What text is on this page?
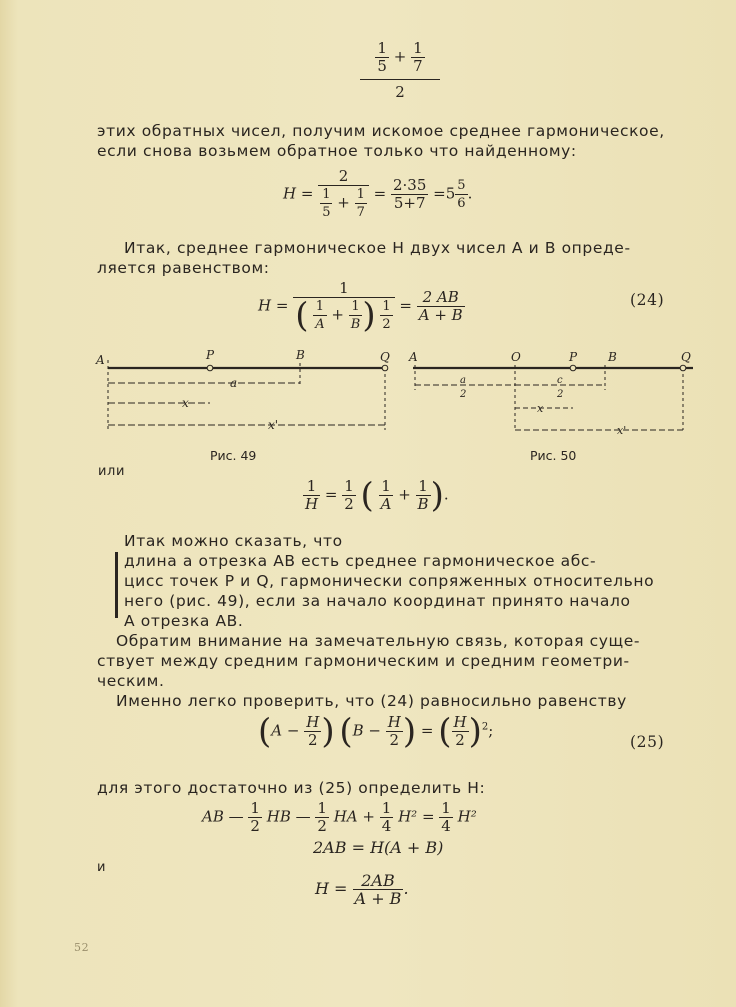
$\frac{1}{5} + \frac{1}{7}$
2
этих обратных чисел, получим искомое среднее гармоническое,
если снова возьмем обратное только что найденному:
$H = \frac{2}{\frac{1}{5} + \frac{1}{7}} = \frac{2\cdot 35}{5+7} =5 \frac{5}{6}$ .
Итак, среднее гармоническое H двух чисел A и B опреде-
ляется равенством:
$H = \frac{1}{( \frac{1}{A} + \frac{1}{B} ) \frac{1}{2}} = \frac{2 AB}{A + B}$	(24)
A	P	B	Q
a
x
x'
Рис. 49
A	O	P	B	Q
a
2
c
2
x
x'
Рис. 50
или
$\frac{1}{H} = \frac{1}{2}$ ( $\frac{1}{A} + \frac{1}{B}$ ).
Итак можно сказать, что
длина a отрезка AB есть среднее гармоническое абс-
цисс точек P и Q, гармонически сопряженных относительно
него (рис. 49), если за начало координат принято начало
A отрезка AB.
Обратим внимание на замечательную связь, которая суще-
ствует между средним гармоническим и средним геометри-
ческим.
Именно легко проверить, что (24) равносильно равенству
($A - \frac{H}{2}$ ) ($B - \frac{H}{2}$ ) = ( $\frac{H}{2} )^2$;
(25)
для этого достаточно из (25) определить H:
AB — $\frac{1}{2}$ HB — $\frac{1}{2}$ HA + $\frac{1}{4} H^2 = \frac{1}{4} H^2$
2AB = H(A + B)
и
$H = \frac{2AB}{A + B}$ .
52
